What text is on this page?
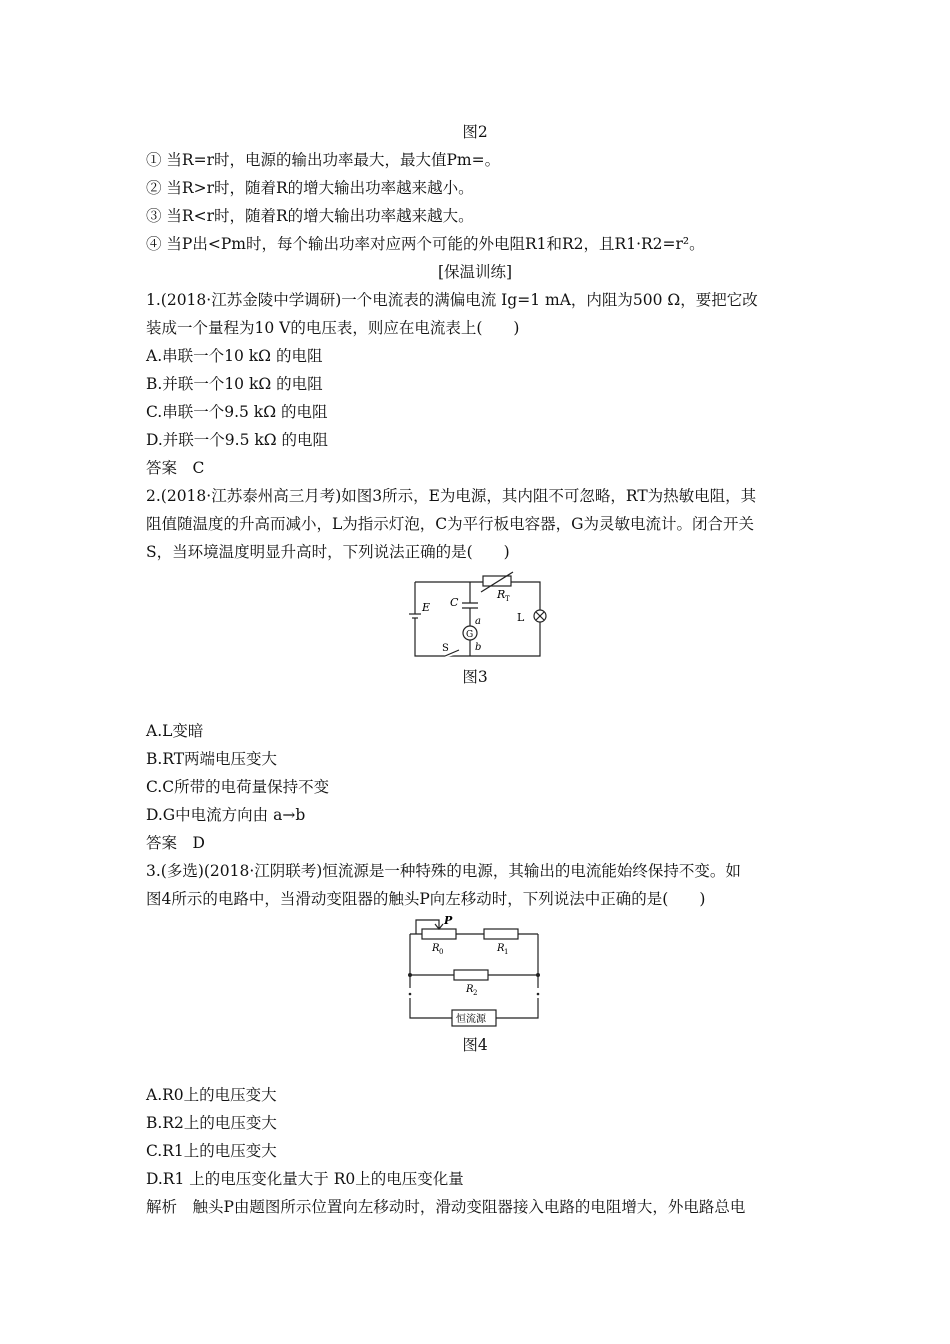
图2
① 当R=r时，电源的输出功率最大，最大值Pm=。
② 当R>r时，随着R的增大输出功率越来越小。
③ 当R<r时，随着R的增大输出功率越来越大。
④ 当P出<Pm时，每个输出功率对应两个可能的外电阻R1和R2，且R1·R2=r²。
[保温训练]
1.(2018·江苏金陵中学调研)一个电流表的满偏电流 Ig=1 mA，内阻为500 Ω，要把它改
装成一个量程为10 V的电压表，则应在电流表上(　　)
A.串联一个10 kΩ 的电阻
B.并联一个10 kΩ 的电阻
C.串联一个9.5 kΩ 的电阻
D.并联一个9.5 kΩ 的电阻
答案　C
2.(2018·江苏泰州高三月考)如图3所示，E为电源，其内阻不可忽略，RT为热敏电阻，其
阻值随温度的升高而减小，L为指示灯泡，C为平行板电容器，G为灵敏电流计。闭合开关
S，当环境温度明显升高时，下列说法正确的是(　　)
E C
R T
L
a
G
b
S
图3
A.L变暗
B.RT两端电压变大
C.C所带的电荷量保持不变
D.G中电流方向由 a→b
答案　D
3.(多选)(2018·江阴联考)恒流源是一种特殊的电源，其输出的电流能始终保持不变。如
图4所示的电路中，当滑动变阻器的触头P向左移动时，下列说法中正确的是(　　)
P
R 0	R 1
R 2
恒流源
图4
A.R0上的电压变大
B.R2上的电压变大
C.R1上的电压变大
D.R1 上的电压变化量大于 R0上的电压变化量
解析　触头P由题图所示位置向左移动时，滑动变阻器接入电路的电阻增大，外电路总电
